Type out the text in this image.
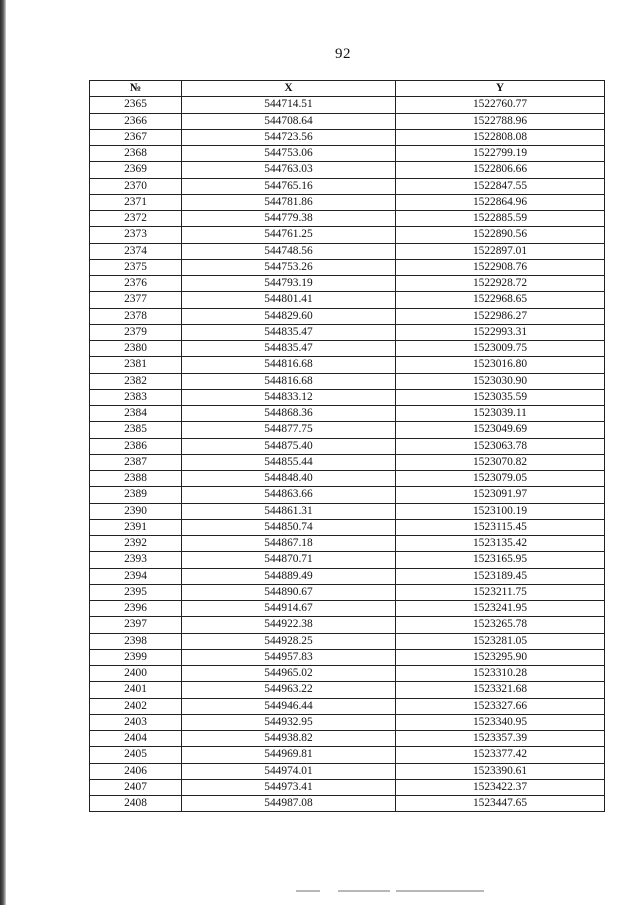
92
№	X	Y
2365	544714.51	1522760.77
2366	544708.64	1522788.96
2367	544723.56	1522808.08
2368	544753.06	1522799.19
2369	544763.03	1522806.66
2370	544765.16	1522847.55
2371	544781.86	1522864.96
2372	544779.38	1522885.59
2373	544761.25	1522890.56
2374	544748.56	1522897.01
2375	544753.26	1522908.76
2376	544793.19	1522928.72
2377	544801.41	1522968.65
2378	544829.60	1522986.27
2379	544835.47	1522993.31
2380	544835.47	1523009.75
2381	544816.68	1523016.80
2382	544816.68	1523030.90
2383	544833.12	1523035.59
2384	544868.36	1523039.11
2385	544877.75	1523049.69
2386	544875.40	1523063.78
2387	544855.44	1523070.82
2388	544848.40	1523079.05
2389	544863.66	1523091.97
2390	544861.31	1523100.19
2391	544850.74	1523115.45
2392	544867.18	1523135.42
2393	544870.71	1523165.95
2394	544889.49	1523189.45
2395	544890.67	1523211.75
2396	544914.67	1523241.95
2397	544922.38	1523265.78
2398	544928.25	1523281.05
2399	544957.83	1523295.90
2400	544965.02	1523310.28
2401	544963.22	1523321.68
2402	544946.44	1523327.66
2403	544932.95	1523340.95
2404	544938.82	1523357.39
2405	544969.81	1523377.42
2406	544974.01	1523390.61
2407	544973.41	1523422.37
2408	544987.08	1523447.65
